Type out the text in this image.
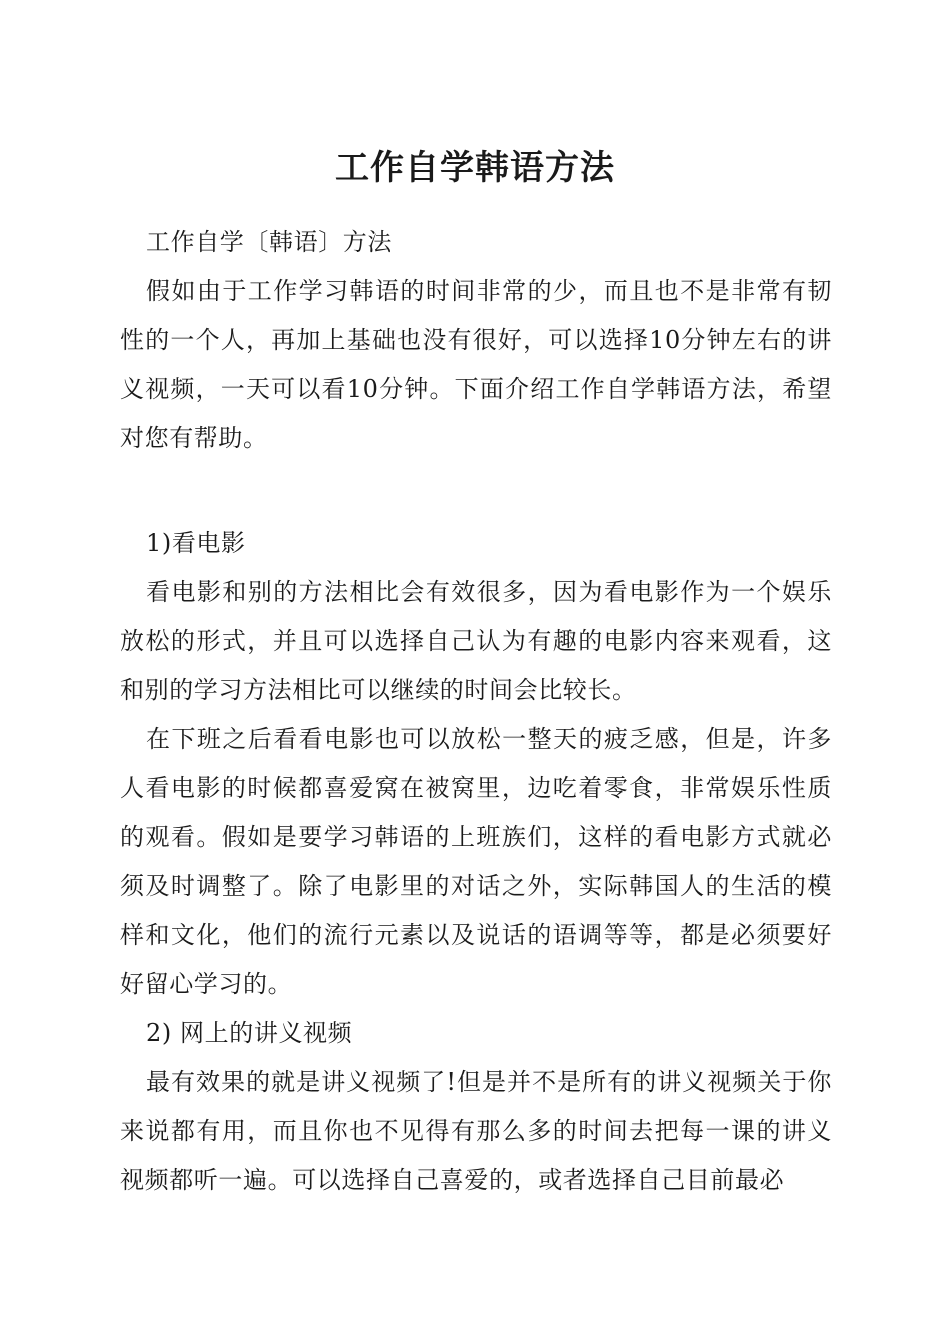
工作自学韩语方法

工作自学〔韩语〕方法

假如由于工作学习韩语的时间非常的少，而且也不是非常有韧性的一个人，再加上基础也没有很好，可以选择10分钟左右的讲义视频，一天可以看10分钟。下面介绍工作自学韩语方法，希望对您有帮助。

1)看电影

看电影和别的方法相比会有效很多，因为看电影作为一个娱乐放松的形式，并且可以选择自己认为有趣的电影内容来观看，这和别的学习方法相比可以继续的时间会比较长。

在下班之后看看电影也可以放松一整天的疲乏感，但是，许多人看电影的时候都喜爱窝在被窝里，边吃着零食，非常娱乐性质的观看。假如是要学习韩语的上班族们，这样的看电影方式就必须及时调整了。除了电影里的对话之外，实际韩国人的生活的模样和文化，他们的流行元素以及说话的语调等等，都是必须要好好留心学习的。

2) 网上的讲义视频

最有效果的就是讲义视频了!但是并不是所有的讲义视频关于你来说都有用，而且你也不见得有那么多的时间去把每一课的讲义视频都听一遍。可以选择自己喜爱的，或者选择自己目前最必
